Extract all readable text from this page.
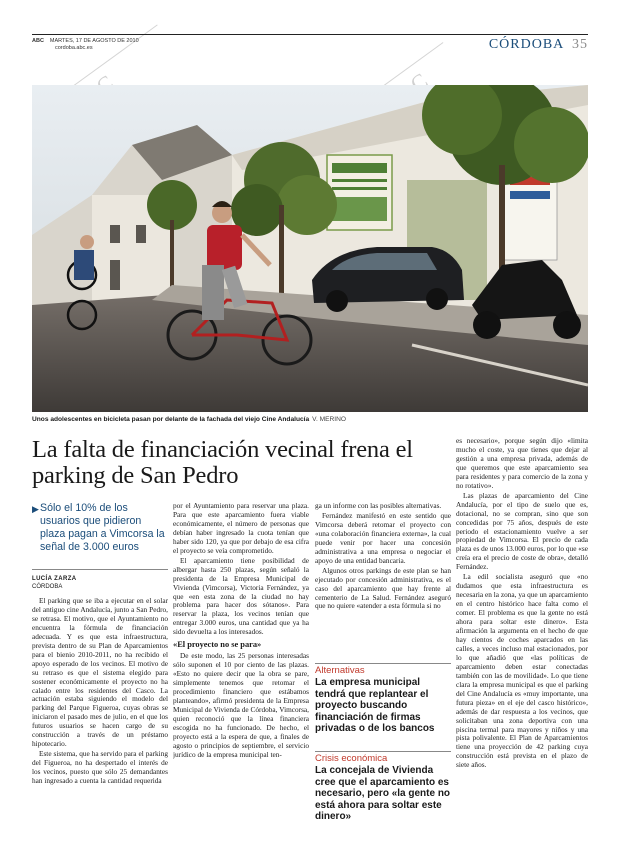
ABC MARTES, 17 DE AGOSTO DE 2010
cordoba.abc.es	CÓRDOBA 35
Unos adolescentes en bicicleta pasan por delante de la fachada del viejo Cine Andalucía V. MERINO
La falta de financiación vecinal frena el parking de San Pedro
▶ Sólo el 10% de los usuarios que pidieron plaza pagan a Vimcorsa la señal de 3.000 euros
LUCÍA ZARZA
CÓRDOBA

El parking que se iba a ejecutar en el solar del antiguo cine Andalucía, junto a San Pedro, se retrasa. El motivo, que el Ayuntamiento no encuentra la fórmula de financiación adecuada. Y es que esta infraestructura, prevista dentro de su Plan de Aparcamientos para el bienio 2010-2011, no ha recibido el apoyo esperado de los vecinos. El motivo de su retraso es que el sistema elegido para sostener económicamente el proyecto no ha calado entre los residentes del Casco. La actuación estaba siguiendo el modelo del parking del Parque Figueroa, cuyas obras se iniciaron el pasado mes de julio, en el que los futuros usuarios se hacen cargo de su construcción a través de un préstamo hipotecario.

Este sistema, que ha servido para el parking del Figueroa, no ha despertado el interés de los vecinos, puesto que sólo 25 demandantes han ingresado a cuenta la cantidad requerida

por el Ayuntamiento para reservar una plaza. Para que este aparcamiento fuera viable económicamente, el número de personas que debían haber ingresado la cuota tenían que haber sido 120, ya que por debajo de esa cifra el proyecto se veía comprometido.

El aparcamiento tiene posibilidad de albergar hasta 250 plazas, según señaló la presidenta de la Empresa Municipal de Vivienda (Vimcorsa), Victoria Fernández, ya que «en esta zona de la ciudad no hay problema para hacer dos sótanos». Para reservar la plaza, los vecinos tenían que entregar 3.000 euros, una cantidad que ya ha sido devuelta a los interesados.

«El proyecto no se para»

De este modo, las 25 personas interesadas sólo suponen el 10 por ciento de las plazas. «Esto no quiere decir que la obra se pare, simplemente tenemos que retomar el procedimiento financiero que estábamos planteando», afirmó presidenta de la Empresa Municipal de Vivienda de Córdoba, Vimcorsa, quien reconoció que la línea financiera escogida no ha funcionado. De hecho, el proyecto está a la espera de que, a finales de agosto o principios de septiembre, el servicio jurídico de la empresa municipal ten-

ga un informe con las posibles alternativas.

Fernández manifestó en este sentido que Vimcorsa deberá retomar el proyecto con «una colaboración financiera externa», la cual puede venir por hacer una concesión administrativa a una empresa o negociar el apoyo de una entidad bancaria.

Algunos otros parkings de este plan se han ejecutado por concesión administrativa, es el caso del aparcamiento que hay frente al cementerio de La Salud. Fernández aseguró que no quiere «atender a esta fórmula si no

Alternativas
La empresa municipal tendrá que replantear el proyecto buscando financiación de firmas privadas o de los bancos
Crisis económica
La concejala de Vivienda cree que el aparcamiento es necesario, pero «la gente no está ahora para soltar este dinero»

es necesario», porque según dijo «limita mucho el coste, ya que tienes que dejar al gestión a una empresa privada, además de que queremos que este aparcamiento sea para residentes y para comercio de la zona y no rotativo».

Las plazas de aparcamiento del Cine Andalucía, por el tipo de suelo que es, dotacional, no se compran, sino que son concedidas por 75 años, después de este periodo el estacionamiento vuelve a ser propiedad de Vimcorsa. El precio de cada plaza es de unos 13.000 euros, por lo que «se creía era el precio de coste de obra», detalló Fernández.

La edil socialista aseguró que «no dudamos que esta infraestructura es necesaria en la zona, ya que un aparcamiento en el centro histórico hace falta como el comer. El problema es que la gente no está ahora para soltar este dinero». Esta afirmación la argumenta en el hecho de que hay cientos de coches aparcados en las calles, a veces incluso mal estacionados, por lo que añadió que «las políticas de aparcamiento deben estar conectadas también con las de movilidad». Lo que tiene clara la empresa municipal es que el parking del Cine Andalucía es «muy importante, una futura pieza» en el eje del casco histórico», además de dar respuesta a los vecinos, que solicitaban una zona deportiva con una piscina termal para mayores y niños y una pista polivalente. El Plan de Aparcamientos tiene una proyección de 42 parking cuya construcción está prevista en el plazo de siete años.
